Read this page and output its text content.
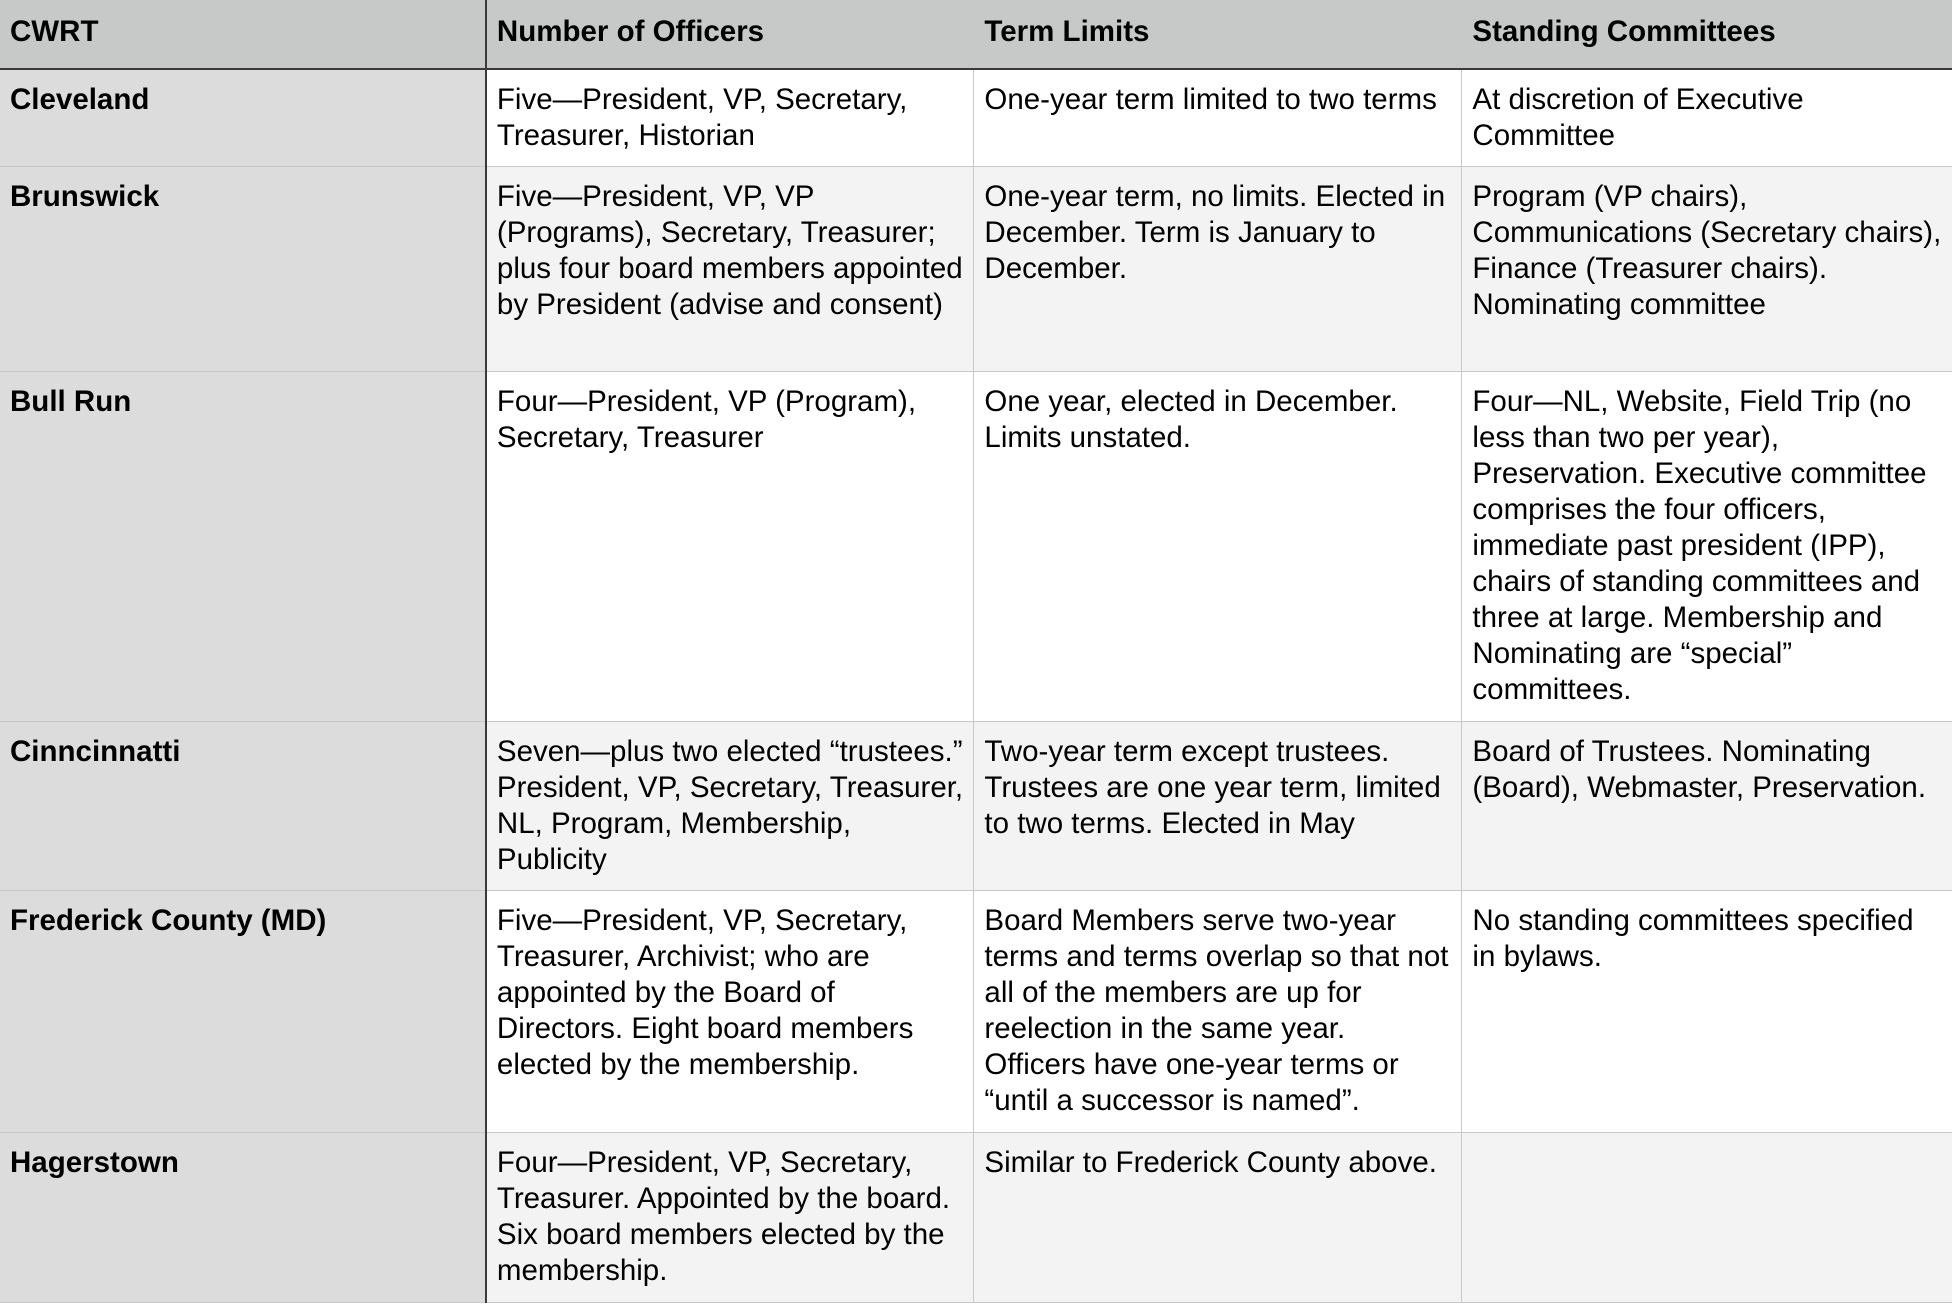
CWRT	Number of Officers	Term Limits	Standing Committees
Cleveland	Five—President, VP, Secretary, Treasurer, Historian	One-year term limited to two terms	At discretion of Executive Committee
Brunswick	Five—President, VP, VP (Programs), Secretary, Treasurer; plus four board members appointed by President (advise and consent)	One-year term, no limits. Elected in December. Term is January to December.	Program (VP chairs), Communications (Secretary chairs), Finance (Treasurer chairs). Nominating committee
Bull Run	Four—President, VP (Program), Secretary, Treasurer	One year, elected in December. Limits unstated.	Four—NL, Website, Field Trip (no less than two per year), Preservation. Executive committee comprises the four officers, immediate past president (IPP), chairs of standing committees and three at large. Membership and Nominating are “special” committees.
Cinncinnatti	Seven—plus two elected “trustees.” President, VP, Secretary, Treasurer, NL, Program, Membership, Publicity	Two-year term except trustees. Trustees are one year term, limited to two terms. Elected in May	Board of Trustees. Nominating (Board), Webmaster, Preservation.
Frederick County (MD)	Five—President, VP, Secretary, Treasurer, Archivist; who are appointed by the Board of Directors. Eight board members elected by the membership.	Board Members serve two-year terms and terms overlap so that not all of the members are up for reelection in the same year. Officers have one-year terms or “until a successor is named”.	No standing committees specified in bylaws.
Hagerstown	Four—President, VP, Secretary, Treasurer. Appointed by the board. Six board members elected by the membership.	Similar to Frederick County above.	
